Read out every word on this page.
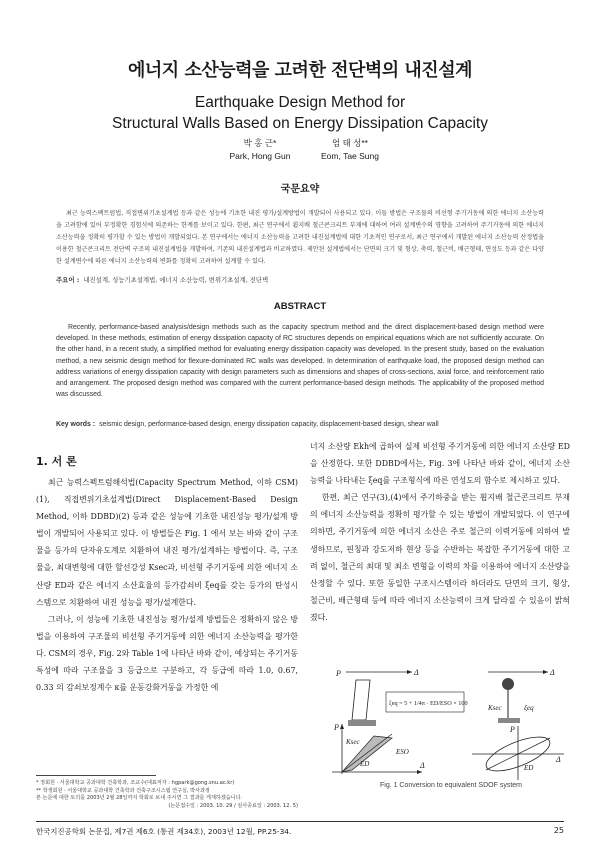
에너지 소산능력을 고려한 전단벽의 내진설계
Earthquake Design Method for
Structural Walls Based on Energy Dissipation Capacity
박 홍 근*
Park, Hong Gun
엄 태 성**
Eom, Tae Sung
국문요약
최근 능력스펙트럼법, 직접변위기초설계법 등과 같은 성능에 기초한 내진 평가/설계방법이 개발되어 사용되고 있다. 이들 방법은 구조물의 비선형 주기거동에 의한 에너지 소산능력을 고려함에 있어 부정확한 경험식에 의존하는 한계를 보이고 있다. 한편, 최근 연구에서 휨지배 철근콘크리트 부재에 대하여 여러 설계변수의 영향을 고려하여 주기거동에 의한 에너지 소산능력을 정확히 평가할 수 있는 방법이 개발되었다. 본 연구에서는 에너지 소산능력을 고려한 내진설계법에 대한 기초적인 연구로서, 최근 연구에서 개발된 에너지 소산능력 산정법을 이용한 철근콘크리트 전단벽 구조의 내진설계법을 개발하여, 기존의 내진설계법과 비교하였다. 제안된 설계법에서는 단면의 크기 및 형상, 축력, 철근비, 배근형태, 연성도 등과 같은 다양한 설계변수에 따른 에너지 소산능력의 변화를 정확히 고려하여 설계할 수 있다.
주요어 : 내진설계, 성능기초설계법, 에너지 소산능력, 변위기초설계, 전단벽
ABSTRACT
Recently, performance-based analysis/design methods such as the capacity spectrum method and the direct displacement-based design method were developed. In these methods, estimation of energy dissipation capacity of RC structures depends on empirical equations which are not sufficiently accurate. On the other hand, in a recent study, a simplified method for evaluating energy dissipation capacity was developed. In the present study, based on the evaluation method, a new seismic design method for flexure-dominated RC walls was developed. In determination of earthquake load, the proposed design method can address variations of energy dissipation capacity with design parameters such as dimensions and shapes of cross-sections, axial force, and reinforcement ratio and arrangement. The proposed design method was compared with the current performance-based design methods. The applicability of the proposed method was discussed.
Key words : seismic design, performance-based design, energy dissipation capacity, displacement-based design, shear wall
1. 서 론

최근 능력스펙트럼해석법(Capacity Spectrum Method, 이하 CSM)(1), 직접변위기초설계법(Direct Displacement-Based Design Method, 이하 DDBD)(2) 등과 같은 성능에 기초한 내진성능 평가/설계 방법이 개발되어 사용되고 있다. 이 방법들은 Fig. 1 에서 보는 바와 같이 구조물을 등가의 단자유도계로 치환하여 내진 평가/설계하는 방법이다. 즉, 구조물을, 최대변형에 대한 할선강성 Ksec과, 비선형 주기거동에 의한 에너지 소산량 ED과 같은 에너지 소산효율의 등가감쇠비 ξeq를 갖는 등가의 탄성시스템으로 치환하여 내진 성능을 평가/설계한다.

그러나, 이 성능에 기초한 내진성능 평가/설계 방법들은 정확하지 않은 방법을 이용하여 구조물의 비선형 주기거동에 의한 에너지 소산능력을 평가한다. CSM의 경우, Fig. 2와 Table 1에 나타난 바와 같이, 예상되는 주기거동 특성에 따라 구조물을 3 등급으로 구분하고, 각 등급에 따라 1.0, 0.67, 0.33 의 감쇠보정계수 κ를 운동강화거동을 가정한 에

너지 소산량 Ekh에 곱하여 실제 비선형 주기거동에 의한 에너지 소산량 ED을 산정한다. 또한 DDBD에서는, Fig. 3에 나타난 바와 같이, 에너지 소산능력을 나타내는 ξeq를 구조형식에 따른 연성도의 함수로 제시하고 있다.

한편, 최근 연구(3),(4)에서 주기하중을 받는 휨지배 철근콘크리트 부재의 에너지 소산능력을 정확히 평가할 수 있는 방법이 개발되었다. 이 연구에 의하면, 주기거동에 의한 에너지 소산은 주로 철근의 이력거동에 의하여 발생하므로, 핀칭과 강도저하 현상 등을 수반하는 복잡한 주기거동에 대한 고려 없이, 철근의 최대 및 최소 변형을 이력의 차를 이용하여 에너지 소산량을 산정할 수 있다. 또한 동일한 구조시스템이라 하더라도 단면의 크기, 형상, 철근비, 배근형태 등에 따라 에너지 소산능력이 크게 달라질 수 있음이 밝혀졌다.

Δ
P
P
Δ
Ksec
ESO
ED
ξeq = 5 + 1/4π · ED/ESO × 100
Δ
Ksec	ξeq
P
Δ
ED
Fig. 1 Conversion to equivalent SDOF system
* 정회원 · 서울대학교 공과대학 건축학과, 조교수(대표저자 : hgpark@gong.snu.ac.kr)
** 학생회원 · 서울대학교 공과대학 건축학과 건축구조시스템 연구실, 박사과정
본 논문에 대한 토의를 2003년 2월 28일까지 학회로 보내 주시면 그 결과를 게재하겠습니다.
(논문접수일 : 2003. 10. 29 / 심사종료일 : 2003. 12. 5)
한국지진공학회 논문집, 제7권 제6호 (통권 제34호), 2003년 12월, PP.25-34.	25
